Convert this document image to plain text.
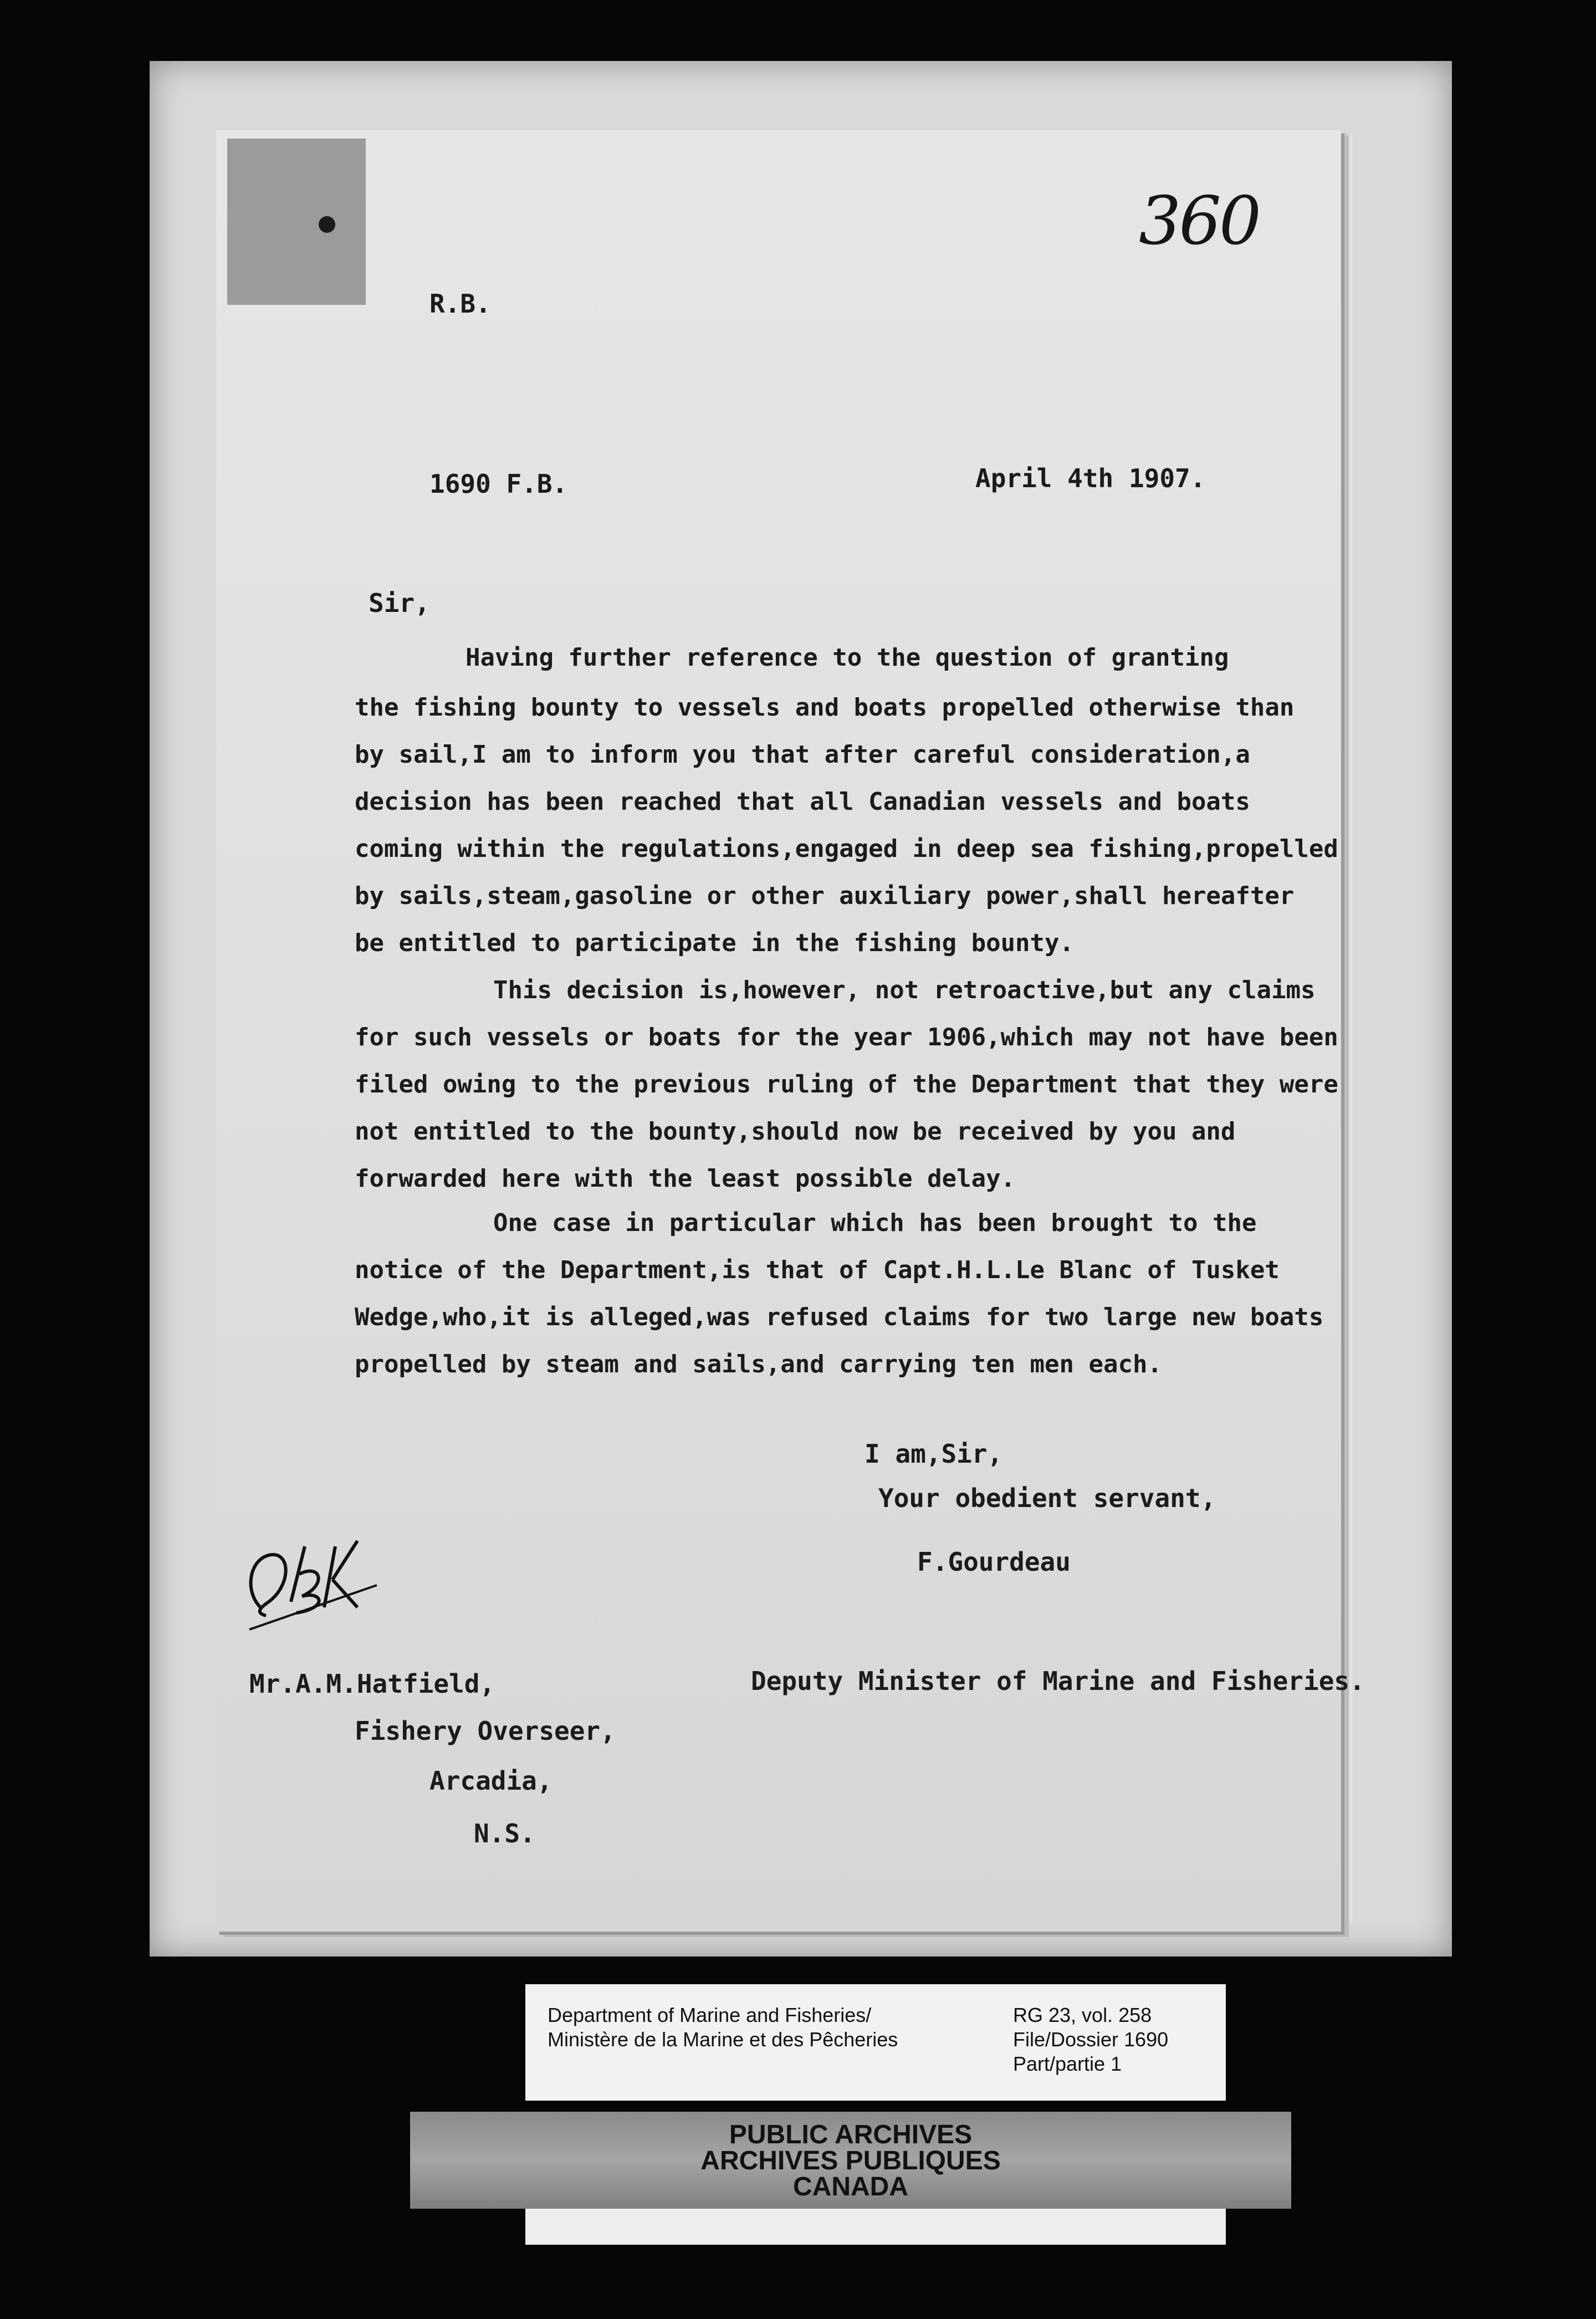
360
R.B.
1690 F.B.	April 4th 1907.
Sir,
Having further reference to the question of granting
the fishing bounty to vessels and boats propelled otherwise than
by sail,I am to inform you that after careful consideration,a
decision has been reached that all Canadian vessels and boats
coming within the regulations,engaged in deep sea fishing,propelled
by sails,steam,gasoline or other auxiliary power,shall hereafter
be entitled to participate in the fishing bounty.
This decision is,however, not retroactive,but any claims
for such vessels or boats for the year 1906,which may not have been
filed owing to the previous ruling of the Department that they were
not entitled to the bounty,should now be received by you and
forwarded here with the least possible delay.
One case in particular which has been brought to the
notice of the Department,is that of Capt.H.L.Le Blanc of Tusket
Wedge,who,it is alleged,was refused claims for two large new boats
propelled by steam and sails,and carrying ten men each.
I am,Sir,
Your obedient servant,
F.Gourdeau
Deputy Minister of Marine and Fisheries.
Mr.A.M.Hatfield,
Fishery Overseer,
Arcadia,
N.S.
Department of Marine and Fisheries/
Ministère de la Marine et des Pêcheries
RG 23, vol. 258
File/Dossier 1690
Part/partie 1
PUBLIC ARCHIVES
ARCHIVES PUBLIQUES
CANADA
